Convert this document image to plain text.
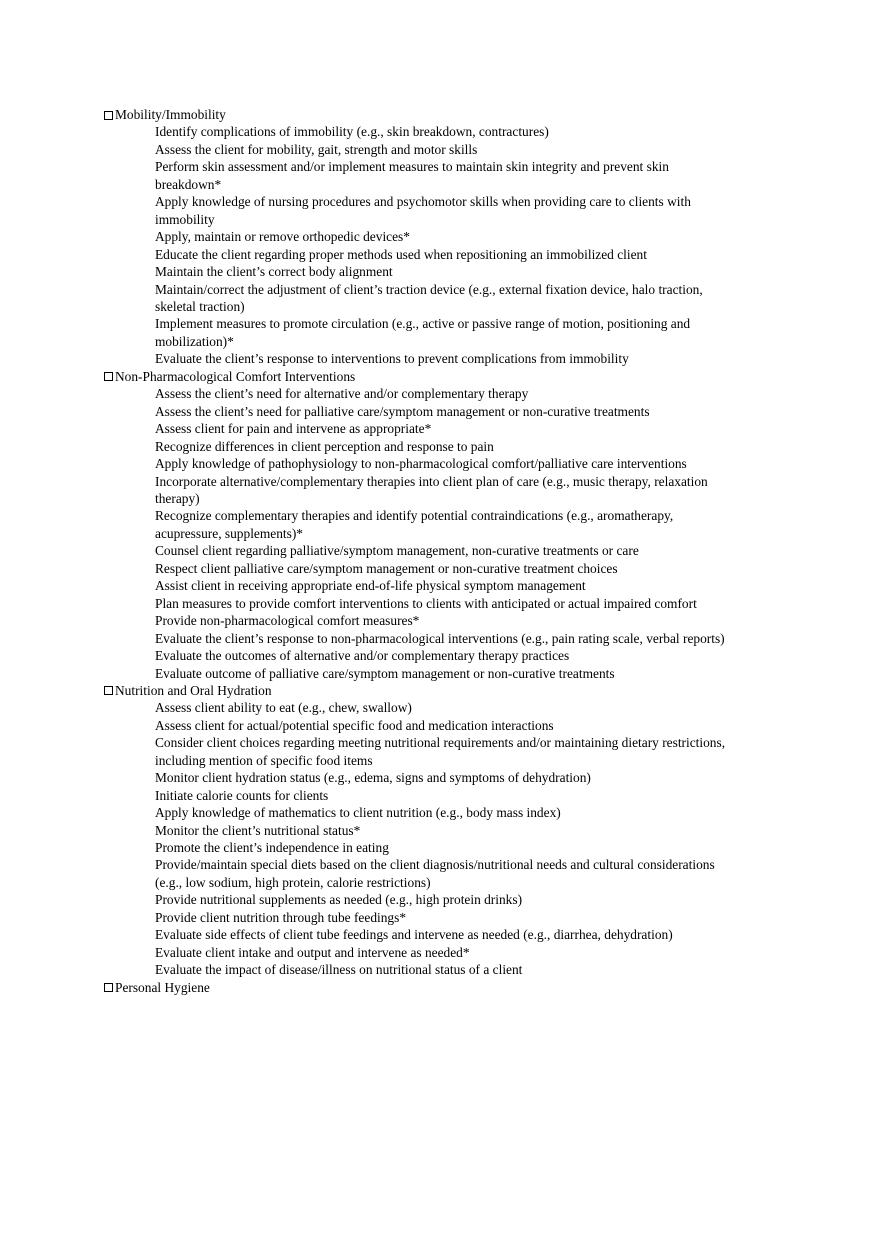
Mobility/Immobility

Identify complications of immobility (e.g., skin breakdown, contractures)
Assess the client for mobility, gait, strength and motor skills
Perform skin assessment and/or implement measures to maintain skin integrity and prevent skin breakdown*
Apply knowledge of nursing procedures and psychomotor skills when providing care to clients with immobility
Apply, maintain or remove orthopedic devices*
Educate the client regarding proper methods used when repositioning an immobilized client
Maintain the client’s correct body alignment
Maintain/correct the adjustment of client’s traction device (e.g., external fixation device, halo traction, skeletal traction)
Implement measures to promote circulation (e.g., active or passive range of motion, positioning and mobilization)*
Evaluate the client’s response to interventions to prevent complications from immobility

Non-Pharmacological Comfort Interventions

Assess the client’s need for alternative and/or complementary therapy
Assess the client’s need for palliative care/symptom management or non-curative treatments
Assess client for pain and intervene as appropriate*
Recognize differences in client perception and response to pain
Apply knowledge of pathophysiology to non-pharmacological comfort/palliative care interventions
Incorporate alternative/complementary therapies into client plan of care (e.g., music therapy, relaxation therapy)
Recognize complementary therapies and identify potential contraindications (e.g., aromatherapy, acupressure, supplements)*
Counsel client regarding palliative/symptom management, non-curative treatments or care
Respect client palliative care/symptom management or non-curative treatment choices
Assist client in receiving appropriate end-of-life physical symptom management
Plan measures to provide comfort interventions to clients with anticipated or actual impaired comfort
Provide non-pharmacological comfort measures*
Evaluate the client’s response to non-pharmacological interventions (e.g., pain rating scale, verbal reports)
Evaluate the outcomes of alternative and/or complementary therapy practices
Evaluate outcome of palliative care/symptom management or non-curative treatments

Nutrition and Oral Hydration

Assess client ability to eat (e.g., chew, swallow)
Assess client for actual/potential specific food and medication interactions
Consider client choices regarding meeting nutritional requirements and/or maintaining dietary restrictions, including mention of specific food items
Monitor client hydration status (e.g., edema, signs and symptoms of dehydration)
Initiate calorie counts for clients
Apply knowledge of mathematics to client nutrition (e.g., body mass index)
Monitor the client’s nutritional status*
Promote the client’s independence in eating
Provide/maintain special diets based on the client diagnosis/nutritional needs and cultural considerations (e.g., low sodium, high protein, calorie restrictions)
Provide nutritional supplements as needed (e.g., high protein drinks)
Provide client nutrition through tube feedings*
Evaluate side effects of client tube feedings and intervene as needed (e.g., diarrhea, dehydration)
Evaluate client intake and output and intervene as needed*
Evaluate the impact of disease/illness on nutritional status of a client

Personal Hygiene
